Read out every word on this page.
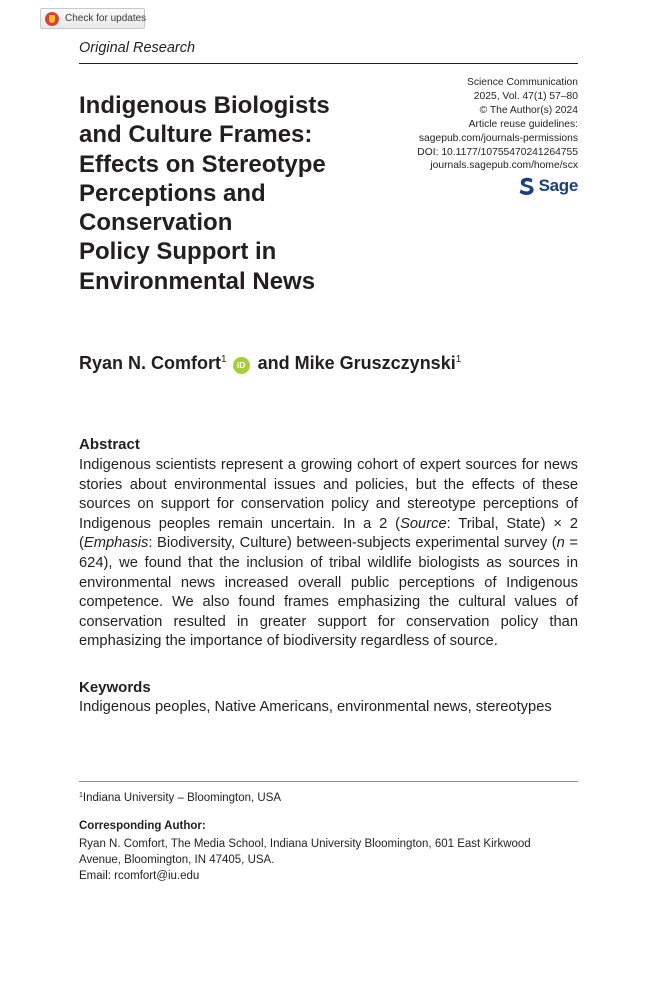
Check for updates
Original Research
Indigenous Biologists
and Culture Frames:
Effects on Stereotype
Perceptions and
Conservation
Policy Support in
Environmental News
Science Communication
2025, Vol. 47(1) 57–80
© The Author(s) 2024
Article reuse guidelines:
sagepub.com/journals-permissions
DOI: 10.1177/10755470241264755
journals.sagepub.com/home/scx
Sage
Ryan N. Comfort$^1$ iD and Mike Gruszczynski$^1$
Abstract

Indigenous scientists represent a growing cohort of expert sources for news stories about environmental issues and policies, but the effects of these sources on support for conservation policy and stereotype perceptions of Indigenous peoples remain uncertain. In a 2 (Source: Tribal, State) × 2 (Emphasis: Biodiversity, Culture) between-subjects experimental survey (n = 624), we found that the inclusion of tribal wildlife biologists as sources in environmental news increased overall public perceptions of Indigenous competence. We also found frames emphasizing the cultural values of conservation resulted in greater support for conservation policy than emphasizing the importance of biodiversity regardless of source.

Keywords
Indigenous peoples, Native Americans, environmental news, stereotypes
$^1$Indiana University – Bloomington, USA
Corresponding Author:
Ryan N. Comfort, The Media School, Indiana University Bloomington, 601 East Kirkwood
Avenue, Bloomington, IN 47405, USA.
Email: rcomfort@iu.edu
